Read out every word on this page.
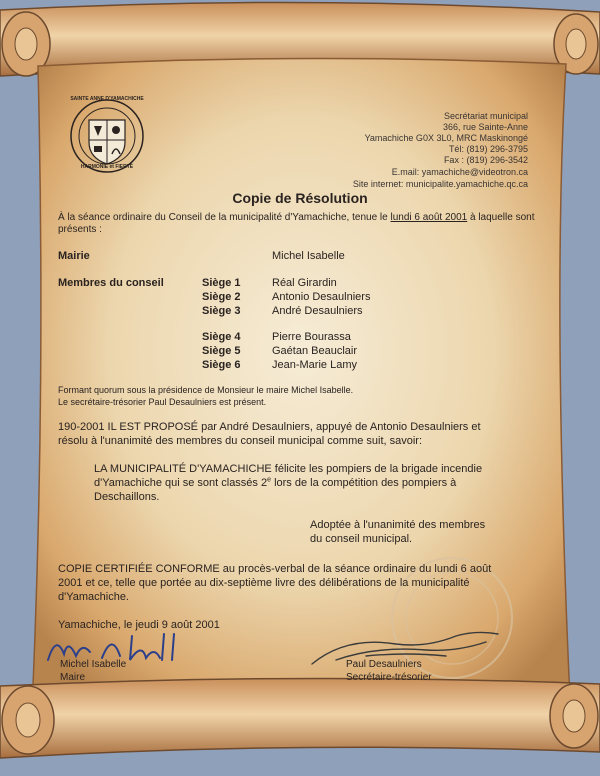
SAINTE ANNE D'YAMACHICHE
HARMONIE et FIERTÉ
Secrétariat municipal
366, rue Sainte-Anne
Yamachiche G0X 3L0, MRC Maskinongé
Tél: (819) 296-3795
Fax : (819) 296-3542
E.mail: yamachiche@videotron.ca
Site internet: municipalite.yamachiche.qc.ca
Copie de Résolution
À la séance ordinaire du Conseil de la municipalité d'Yamachiche, tenue le lundi 6 août 2001 à laquelle sont
présents :
Mairie	Michel Isabelle
Membres du conseil	Siège 1	Réal Girardin
Siège 2	Antonio Desaulniers
Siège 3	André Desaulniers
Siège 4	Pierre Bourassa
Siège 5	Gaétan Beauclair
Siège 6	Jean-Marie Lamy
Formant quorum sous la présidence de Monsieur le maire Michel Isabelle.
Le secrétaire-trésorier Paul Desaulniers est présent.
190-2001 IL EST PROPOSÉ par André Desaulniers, appuyé de Antonio Desaulniers et
résolu à l'unanimité des membres du conseil municipal comme suit, savoir:
LA MUNICIPALITÉ D'YAMACHICHE félicite les pompiers de la brigade incendie
d'Yamachiche qui se sont classés 2e lors de la compétition des pompiers à
Deschaillons.
Adoptée à l'unanimité des membres
du conseil municipal.
COPIE CERTIFIÉE CONFORME au procès-verbal de la séance ordinaire du lundi 6 août
2001 et ce, telle que portée au dix-septième livre des délibérations de la municipalité
d'Yamachiche.
Yamachiche, le jeudi 9 août 2001
Michel Isabelle
Maire
Paul Desaulniers
Secrétaire-trésorier
